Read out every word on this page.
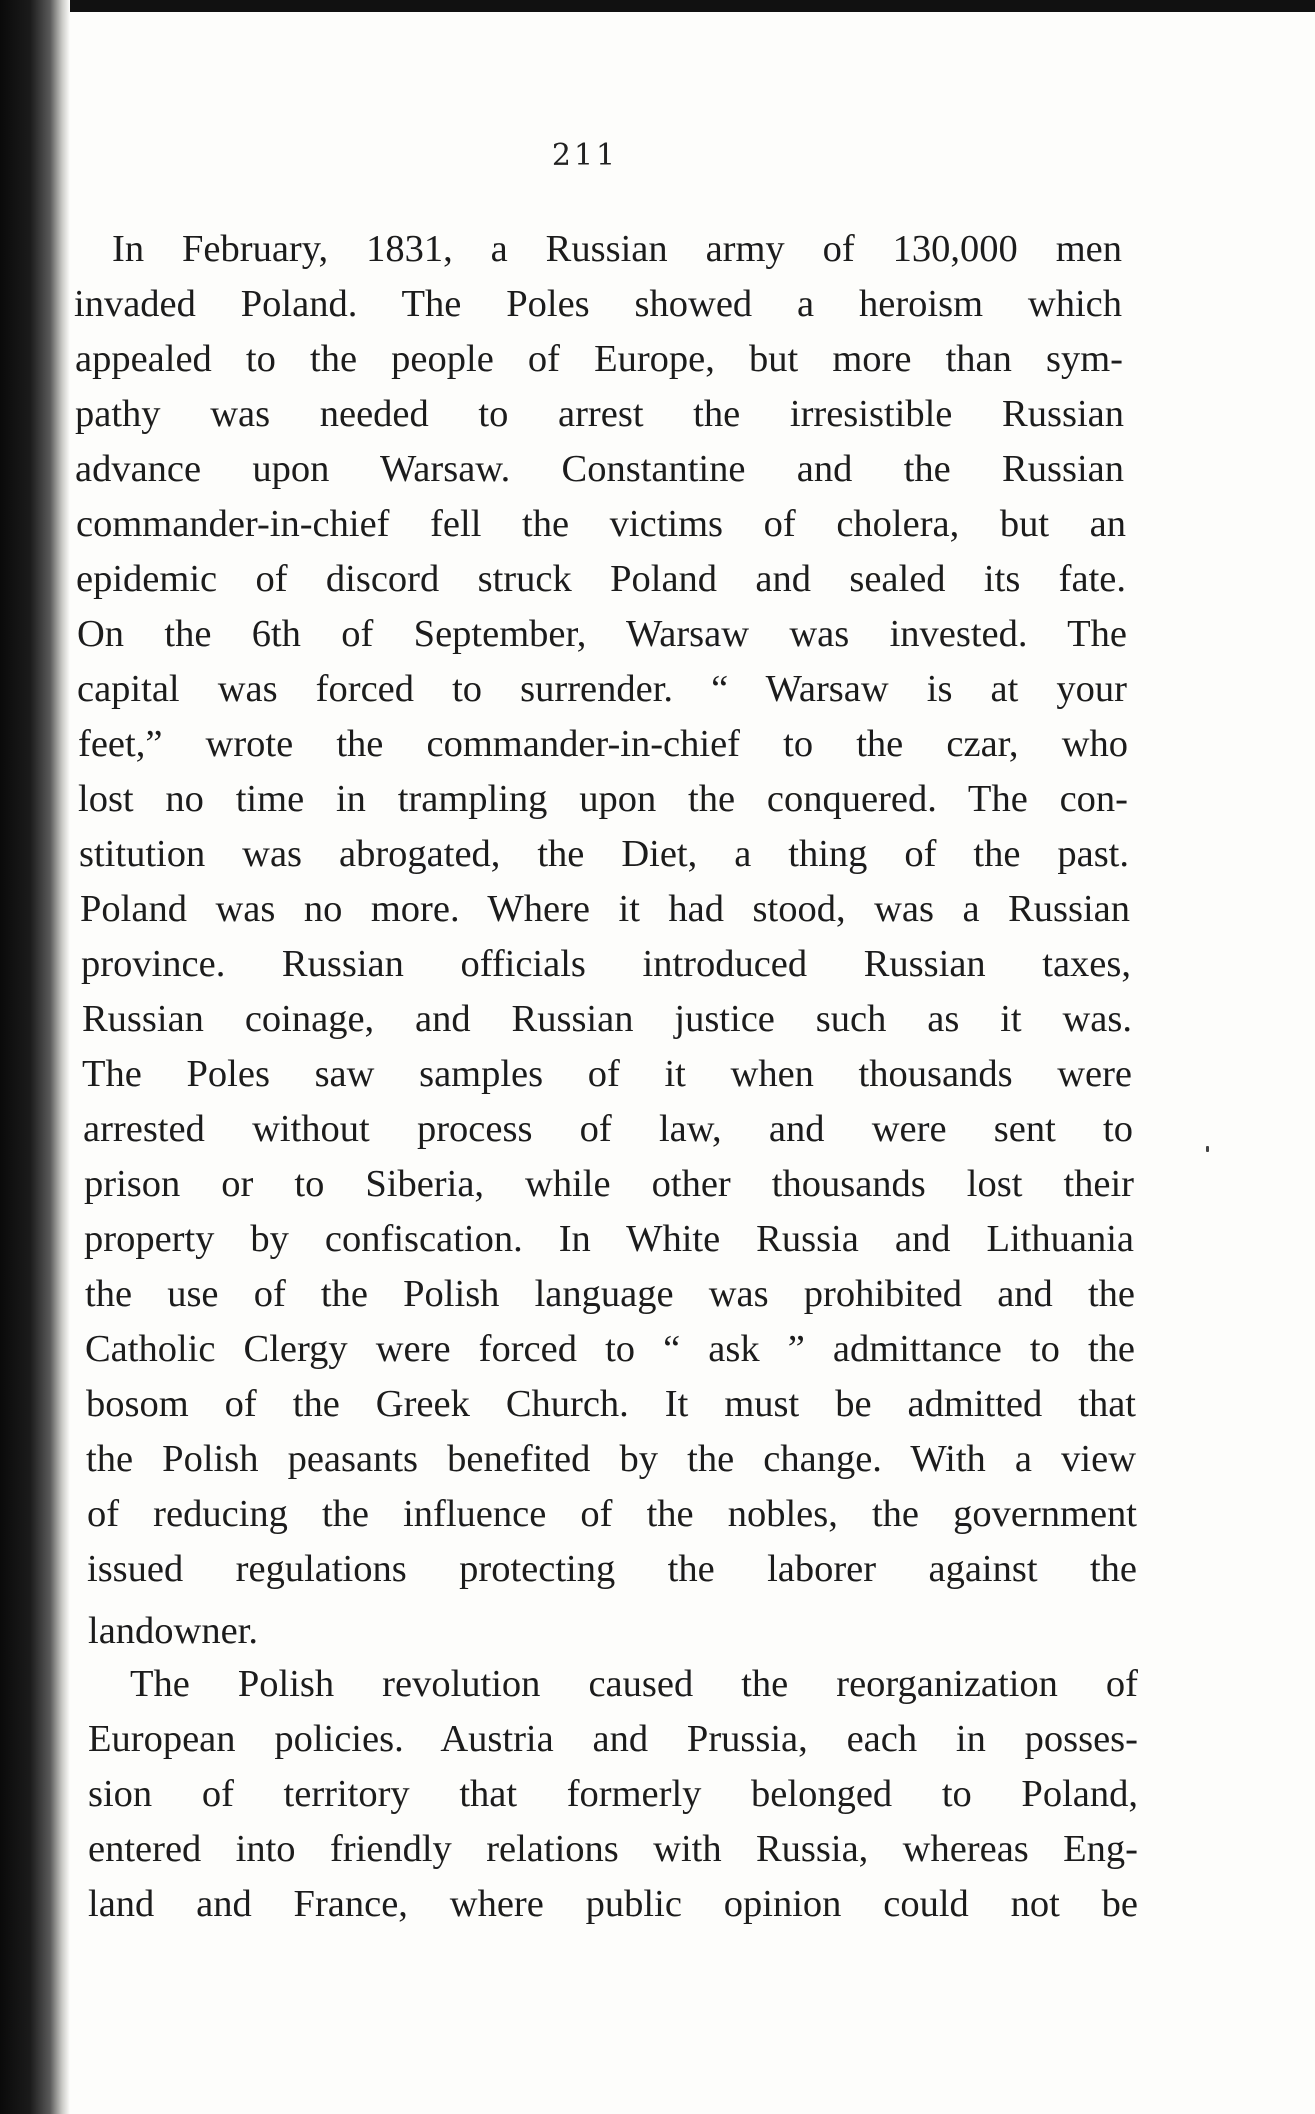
211
In February, 1831, a Russian army of 130,000 men
invaded Poland. The Poles showed a heroism which
appealed to the people of Europe, but more than sym-
pathy was needed to arrest the irresistible Russian
advance upon Warsaw. Constantine and the Russian
commander-in-chief fell the victims of cholera, but an
epidemic of discord struck Poland and sealed its fate.
On the 6th of September, Warsaw was invested. The
capital was forced to surrender. “ Warsaw is at your
feet,” wrote the commander-in-chief to the czar, who
lost no time in trampling upon the conquered. The con-
stitution was abrogated, the Diet, a thing of the past.
Poland was no more. Where it had stood, was a Russian
province. Russian officials introduced Russian taxes,
Russian coinage, and Russian justice such as it was.
The Poles saw samples of it when thousands were
arrested without process of law, and were sent to
prison or to Siberia, while other thousands lost their
property by confiscation. In White Russia and Lithuania
the use of the Polish language was prohibited and the
Catholic Clergy were forced to “ ask ” admittance to the
bosom of the Greek Church. It must be admitted that
the Polish peasants benefited by the change. With a view
of reducing the influence of the nobles, the government
issued regulations protecting the laborer against the
landowner.
The Polish revolution caused the reorganization of
European policies. Austria and Prussia, each in posses-
sion of territory that formerly belonged to Poland,
entered into friendly relations with Russia, whereas Eng-
land and France, where public opinion could not be
